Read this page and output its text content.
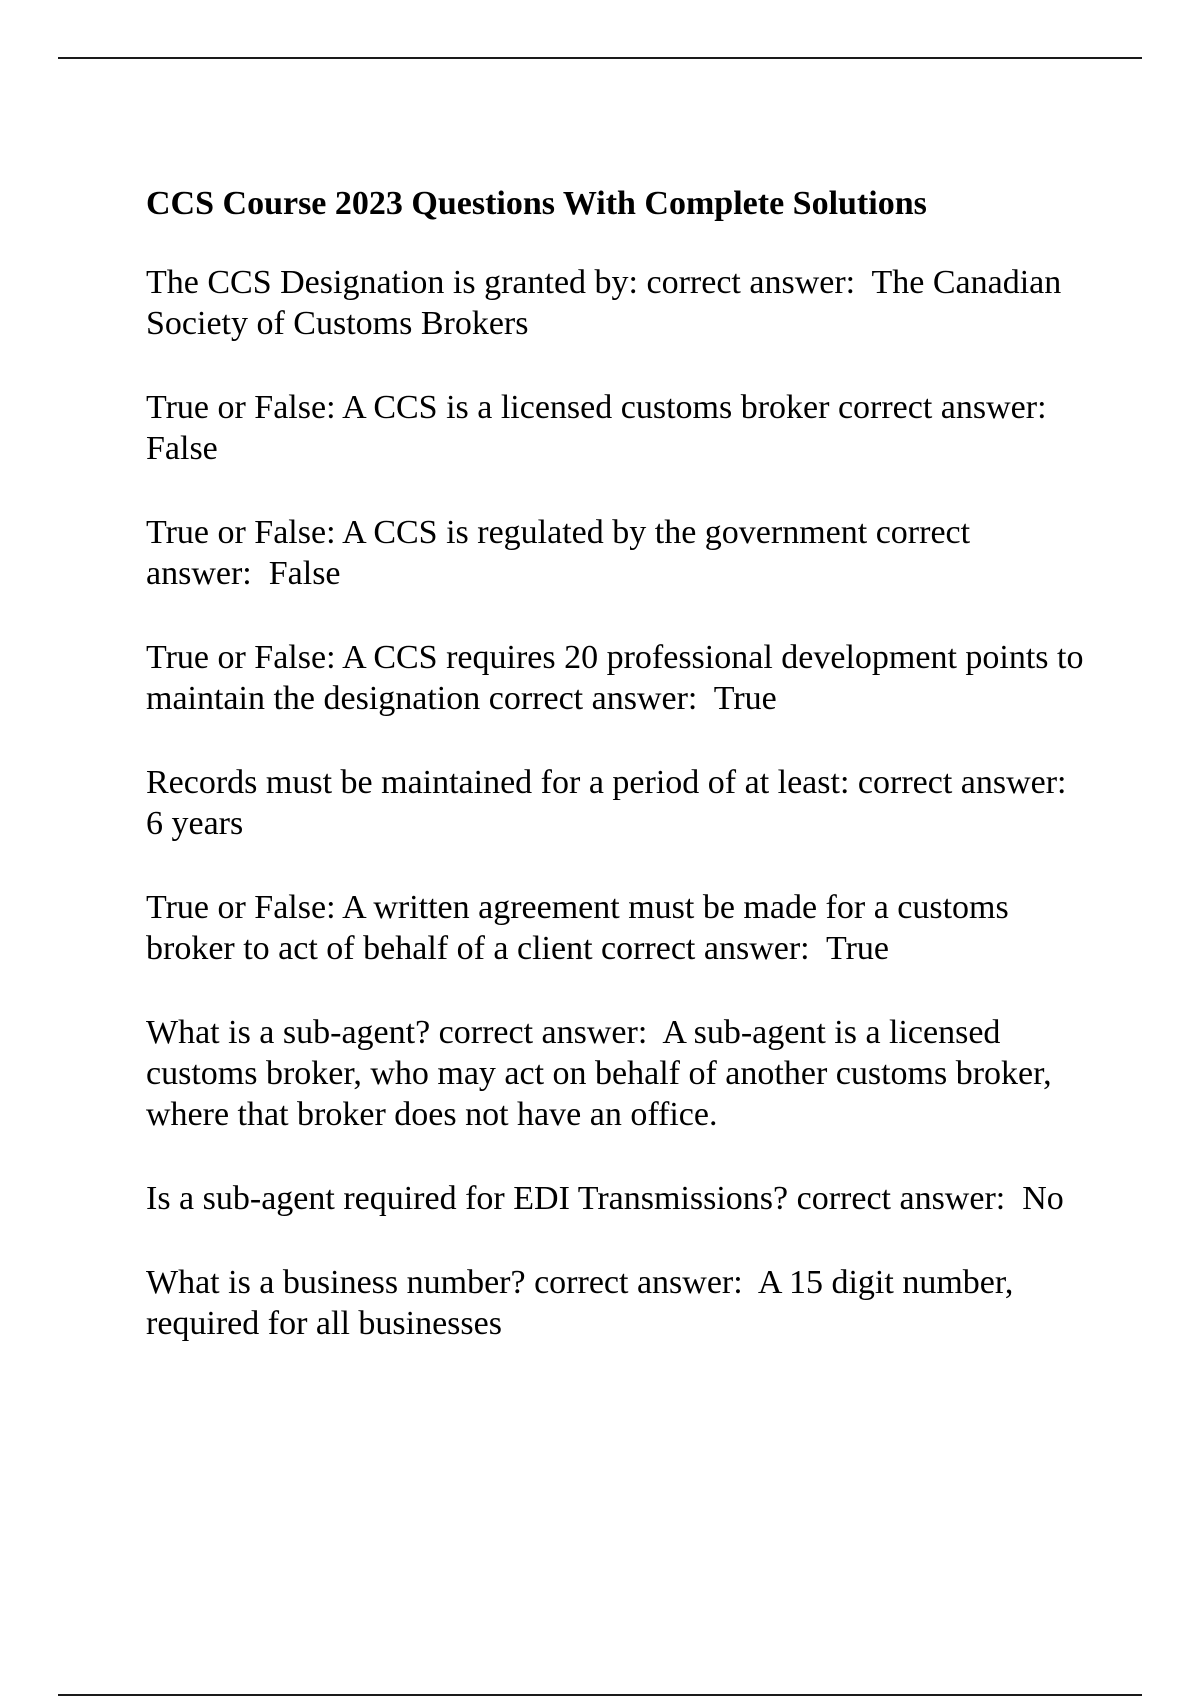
CCS Course 2023 Questions With Complete Solutions

The CCS Designation is granted by: correct answer: The Canadian Society of Customs Brokers

True or False: A CCS is a licensed customs broker correct answer:  False

True or False: A CCS is regulated by the government correct answer: False

True or False: A CCS requires 20 professional development points to maintain the designation correct answer: True

Records must be maintained for a period of at least: correct answer:  6 years

True or False: A written agreement must be made for a customs broker to act of behalf of a client correct answer: True

What is a sub-agent? correct answer: A sub-agent is a licensed customs broker, who may act on behalf of another customs broker, where that broker does not have an office.

Is a sub-agent required for EDI Transmissions? correct answer: No

What is a business number? correct answer: A 15 digit number, required for all businesses
